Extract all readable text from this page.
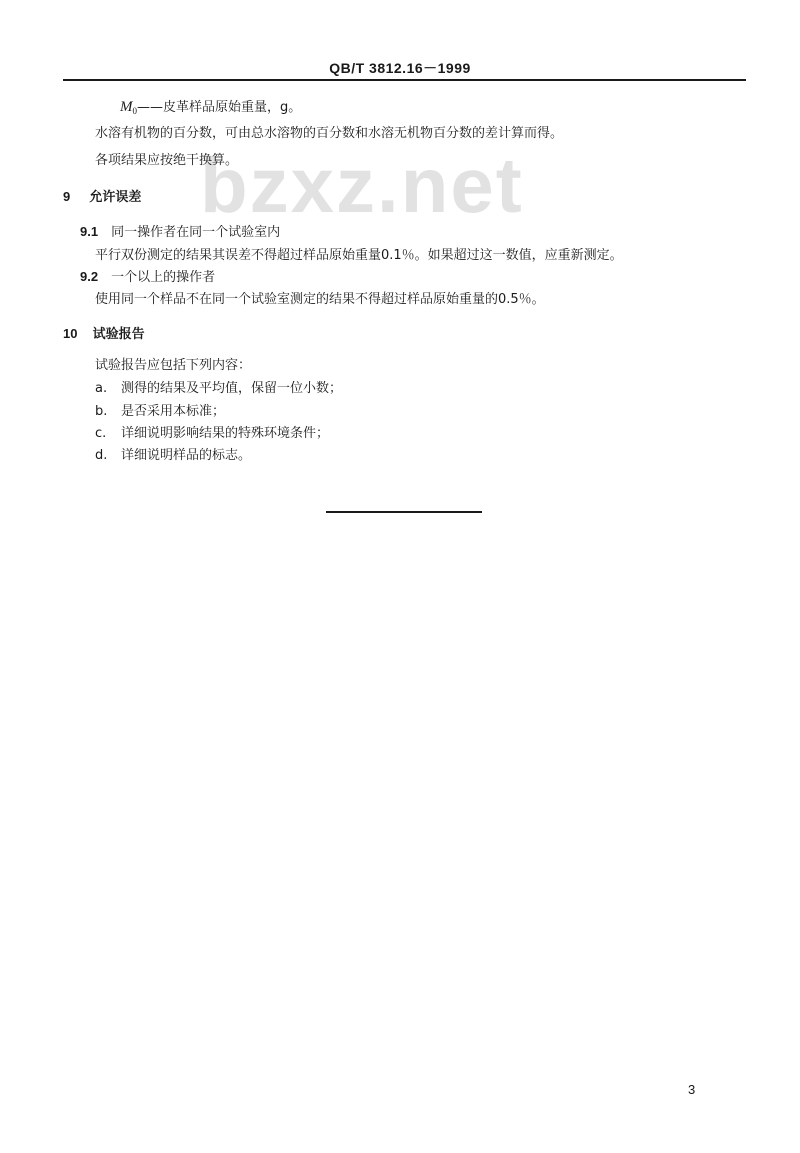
QB/T 3812.16－1999
bzxz.net
$M_0——$皮革样品原始重量，g。
水溶有机物的百分数，可由总水溶物的百分数和水溶无机物百分数的差计算而得。
各项结果应按绝干换算。
9 允许误差
9.1 同一操作者在同一个试验室内
平行双份测定的结果其误差不得超过样品原始重量0.1％。如果超过这一数值，应重新测定。
9.2 一个以上的操作者
使用同一个样品不在同一个试验室测定的结果不得超过样品原始重量的0.5％。
10 试验报告
试验报告应包括下列内容：
a. 测得的结果及平均值，保留一位小数；
b. 是否采用本标准；
c. 详细说明影响结果的特殊环境条件；
d. 详细说明样品的标志。
3
